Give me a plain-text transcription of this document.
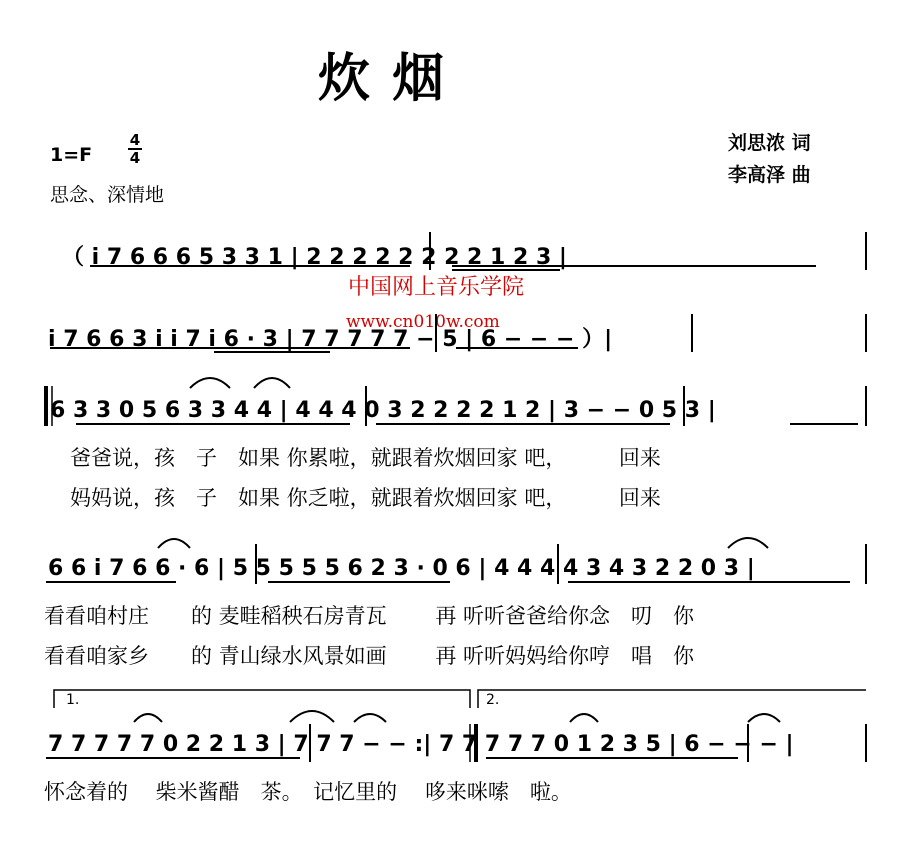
炊 烟
1=F
4
4
思念、深情地
刘思浓 词
李高泽 曲
（ i 7 6 6 6 5 3 3 1 | 2 2 2 2 2 2 2 2 1 2 3 |
中国网上音乐学院
www.cn010w.com
i 7 6 6 3 i i 7 i 6 · 3 | 7 7 7 7 7 − 5 | 6 − − − ）|
6 3 3 0 5 6 3 3 4 4 | 4 4 4 0 3 2 2 2 2 1 2 | 3 − − 0 5 3 |
爸爸说，孩　子　如果 你累啦，就跟着炊烟回家 吧，　　　回来
妈妈说，孩　子　如果 你乏啦，就跟着炊烟回家 吧，　　　回来
6 6 i 7 6 6 · 6 | 5 5 5 5 5 6 2 3 · 0 6 | 4 4 4 4 3 4 3 2 2 0 3 |
看看咱村庄　　的 麦畦稻秧石房青瓦　　 再 听听爸爸给你念　叨　你
看看咱家乡　　的 青山绿水风景如画　　 再 听听妈妈给你哼　唱　你
1.	2.
7 7 7 7 7 0 2 2 1 3 | 7 7 7 − − :| 7 7 7 7 7 0 1 2 3 5 | 6 − − − |
怀念着的　 柴米酱醋　茶。　记忆里的　 哆来咪嗦　啦。
